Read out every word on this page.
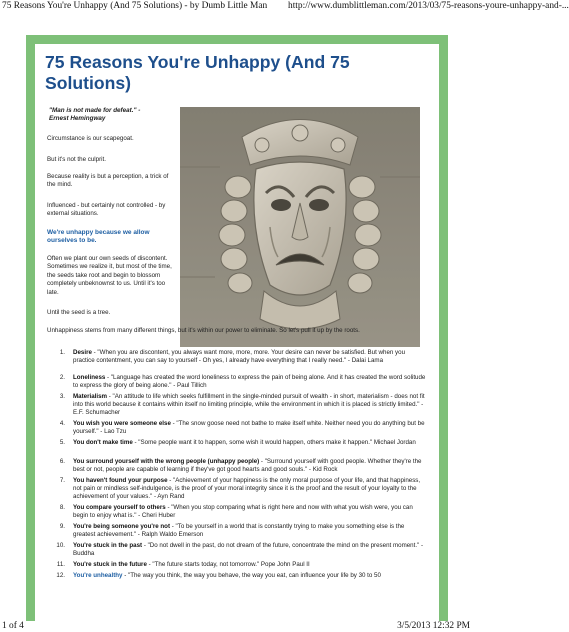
75 Reasons You're Unhappy (And 75 Solutions) - by Dumb Little Man http://www.dumblittleman.com/2013/03/75-reasons-youre-unhappy-and-...
75 Reasons You're Unhappy (And 75 Solutions)
"Man is not made for defeat." -
Ernest Hemingway

Circumstance is our scapegoat.

But it's not the culprit.

Because reality is but a perception, a trick of the mind.

Influenced - but certainly not controlled - by external situations.

We're unhappy because we allow ourselves to be.

Often we plant our own seeds of discontent. Sometimes we realize it, but most of the time, the seeds take root and begin to blossom completely unbeknownst to us. Until it's too late.

Until the seed is a tree.

Unhappiness stems from many different things, but it's within our power to eliminate. So let's pull it up by the roots.

1. Desire - "When you are discontent, you always want more, more, more. Your desire can never be satisfied. But when you practice contentment, you can say to yourself - Oh yes, I already have everything that I really need." - Dalai Lama
2. Loneliness - "Language has created the word loneliness to express the pain of being alone. And it has created the word solitude to express the glory of being alone." - Paul Tillich
3. Materialism - "An attitude to life which seeks fulfillment in the single-minded pursuit of wealth - in short, materialism - does not fit into this world because it contains within itself no limiting principle, while the environment in which it is placed is strictly limited." - E.F. Schumacher
4. You wish you were someone else - "The snow goose need not bathe to make itself white. Neither need you do anything but be yourself." - Lao Tzu
5. You don't make time - "Some people want it to happen, some wish it would happen, others make it happen." Michael Jordan
6. You surround yourself with the wrong people (unhappy people) - "Surround yourself with good people. Whether they're the best or not, people are capable of learning if they've got good hearts and good souls." - Kid Rock
7. You haven't found your purpose - "Achievement of your happiness is the only moral purpose of your life, and that happiness, not pain or mindless self-indulgence, is the proof of your moral integrity since it is the proof and the result of your loyalty to the achievement of your values." - Ayn Rand
8. You compare yourself to others - "When you stop comparing what is right here and now with what you wish were, you can begin to enjoy what is." - Cheri Huber
9. You're being someone you're not - "To be yourself in a world that is constantly trying to make you something else is the greatest achievement." - Ralph Waldo Emerson
10. You're stuck in the past - "Do not dwell in the past, do not dream of the future, concentrate the mind on the present moment." - Buddha
11. You're stuck in the future - "The future starts today, not tomorrow." Pope John Paul II
12. You're unhealthy - "The way you think, the way you behave, the way you eat, can influence your life by 30 to 50
1 of 4	3/5/2013 12:32 PM
